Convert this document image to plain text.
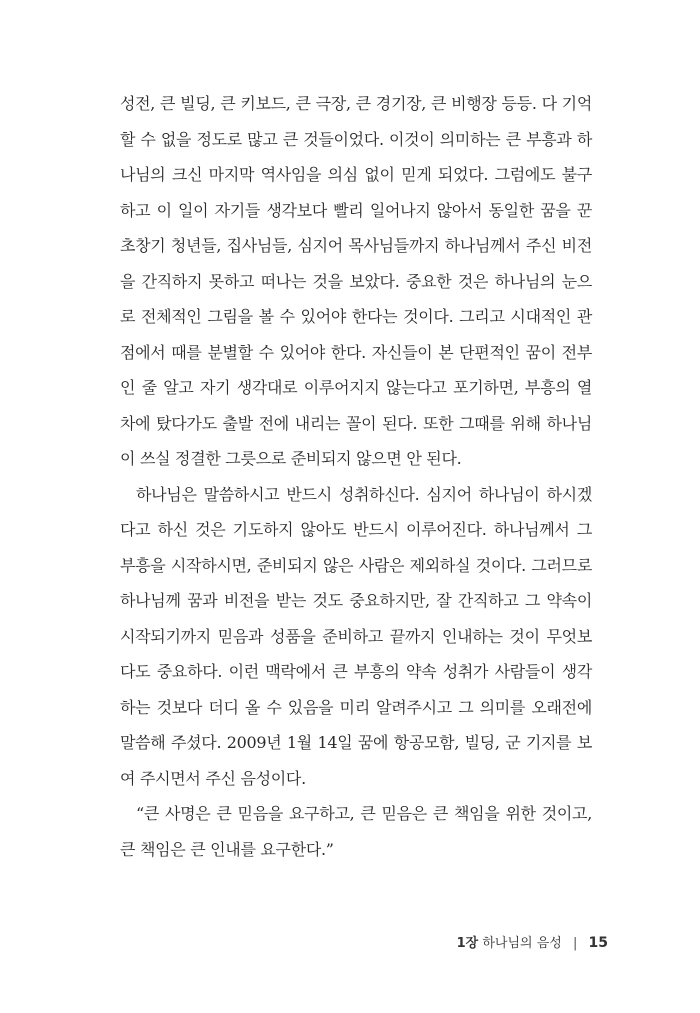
성전, 큰 빌딩, 큰 키보드, 큰 극장, 큰 경기장, 큰 비행장 등등. 다 기억할 수 없을 정도로 많고 큰 것들이었다. 이것이 의미하는 큰 부흥과 하나님의 크신 마지막 역사임을 의심 없이 믿게 되었다. 그럼에도 불구하고 이 일이 자기들 생각보다 빨리 일어나지 않아서 동일한 꿈을 꾼 초창기 청년들, 집사님들, 심지어 목사님들까지 하나님께서 주신 비전을 간직하지 못하고 떠나는 것을 보았다. 중요한 것은 하나님의 눈으로 전체적인 그림을 볼 수 있어야 한다는 것이다. 그리고 시대적인 관점에서 때를 분별할 수 있어야 한다. 자신들이 본 단편적인 꿈이 전부인 줄 알고 자기 생각대로 이루어지지 않는다고 포기하면, 부흥의 열차에 탔다가도 출발 전에 내리는 꼴이 된다. 또한 그때를 위해 하나님이 쓰실 정결한 그릇으로 준비되지 않으면 안 된다.

하나님은 말씀하시고 반드시 성취하신다. 심지어 하나님이 하시겠다고 하신 것은 기도하지 않아도 반드시 이루어진다. 하나님께서 그 부흥을 시작하시면, 준비되지 않은 사람은 제외하실 것이다. 그러므로 하나님께 꿈과 비전을 받는 것도 중요하지만, 잘 간직하고 그 약속이 시작되기까지 믿음과 성품을 준비하고 끝까지 인내하는 것이 무엇보다도 중요하다. 이런 맥락에서 큰 부흥의 약속 성취가 사람들이 생각하는 것보다 더디 올 수 있음을 미리 알려주시고 그 의미를 오래전에 말씀해 주셨다. 2009년 1월 14일 꿈에 항공모함, 빌딩, 군 기지를 보여 주시면서 주신 음성이다.

“큰 사명은 큰 믿음을 요구하고, 큰 믿음은 큰 책임을 위한 것이고, 큰 책임은 큰 인내를 요구한다.”

1장 하나님의 음성 | 15
